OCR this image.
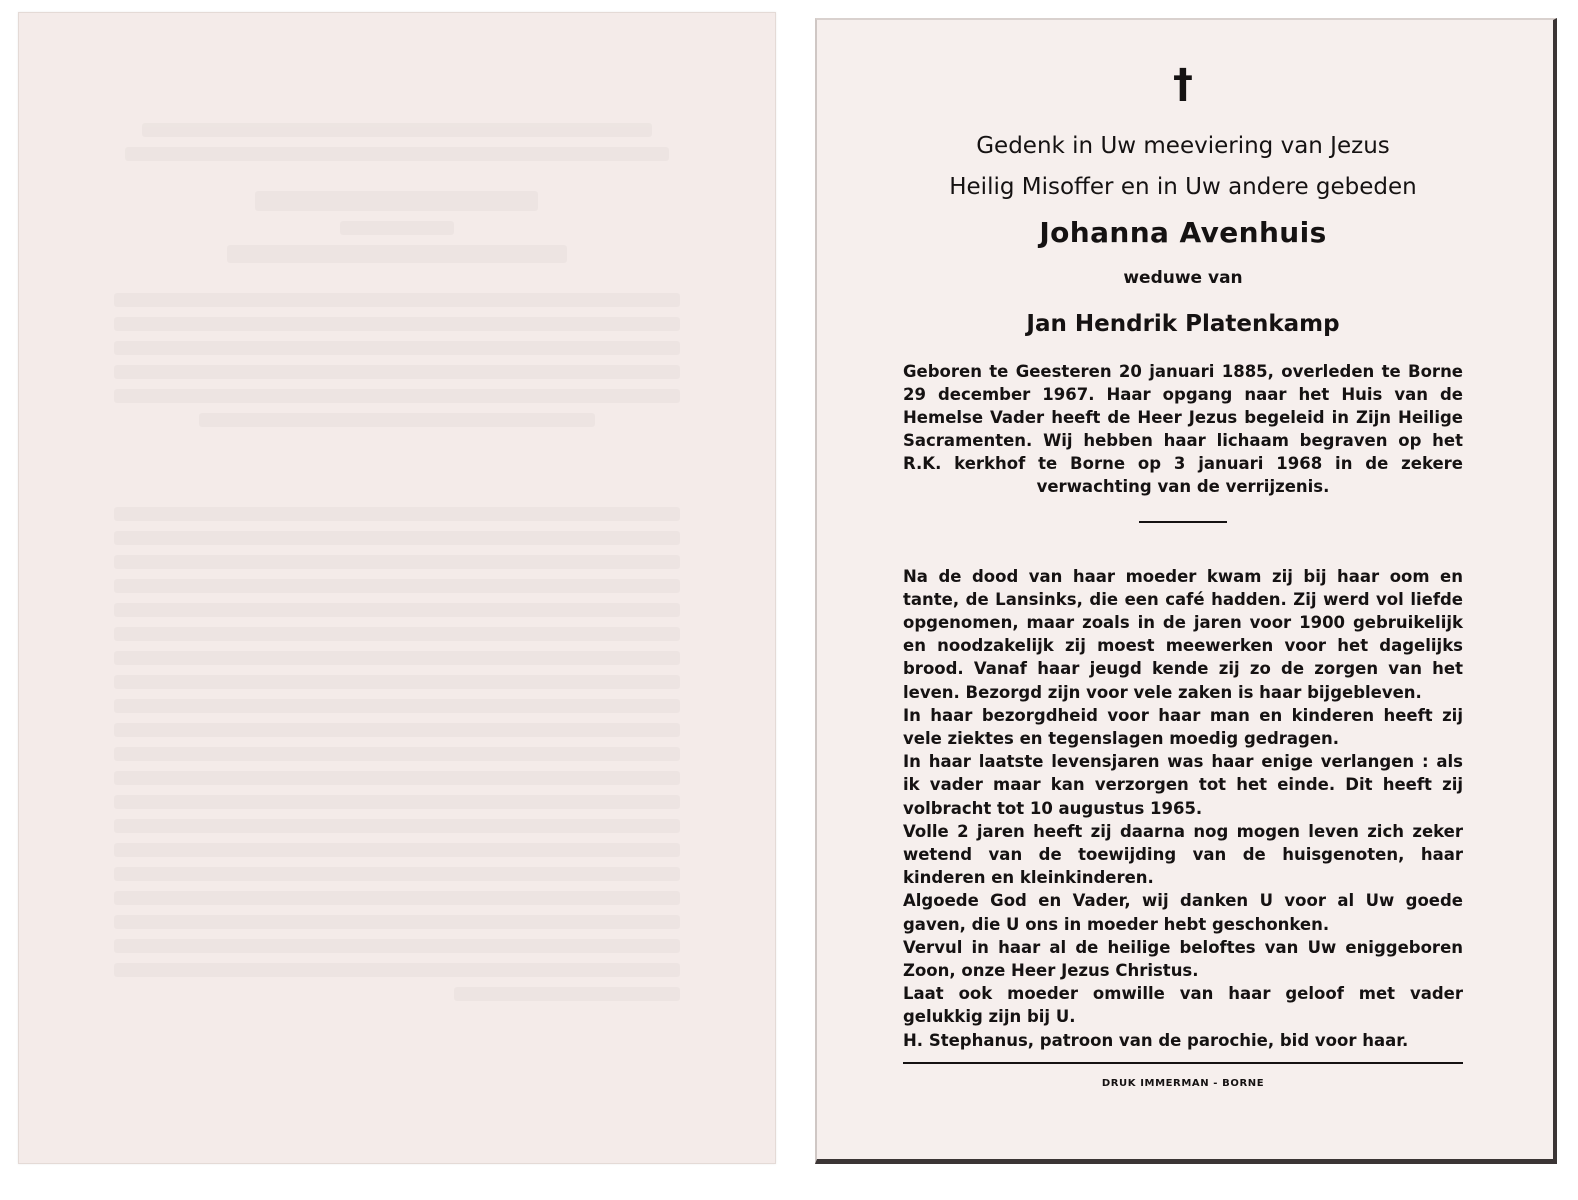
†

Gedenk in Uw meeviering van Jezus

Heilig Misoffer en in Uw andere gebeden

Johanna Avenhuis

weduwe van

Jan Hendrik Platenkamp

Geboren te Geesteren 20 januari 1885, overleden te Borne 29 december 1967. Haar opgang naar het Huis van de Hemelse Vader heeft de Heer Jezus begeleid in Zijn Heilige Sacramenten. Wij hebben haar lichaam begraven op het R.K. kerkhof te Borne op 3 januari 1968 in de zekere verwachting van de verrijzenis.

Na de dood van haar moeder kwam zij bij haar oom en tante, de Lansinks, die een café hadden. Zij werd vol liefde opgenomen, maar zoals in de jaren voor 1900 gebruikelijk en noodzakelijk zij moest meewerken voor het dagelijks brood. Vanaf haar jeugd kende zij zo de zorgen van het leven. Bezorgd zijn voor vele zaken is haar bijgebleven.

In haar bezorgdheid voor haar man en kinderen heeft zij vele ziektes en tegenslagen moedig gedragen.

In haar laatste levensjaren was haar enige verlangen : als ik vader maar kan verzorgen tot het einde. Dit heeft zij volbracht tot 10 augustus 1965.

Volle 2 jaren heeft zij daarna nog mogen leven zich zeker wetend van de toewijding van de huisgenoten, haar kinderen en kleinkinderen.

Algoede God en Vader, wij danken U voor al Uw goede gaven, die U ons in moeder hebt geschonken.

Vervul in haar al de heilige beloftes van Uw eniggeboren Zoon, onze Heer Jezus Christus.

Laat ook moeder omwille van haar geloof met vader gelukkig zijn bij U.

H. Stephanus, patroon van de parochie, bid voor haar.

DRUK IMMERMAN - BORNE
